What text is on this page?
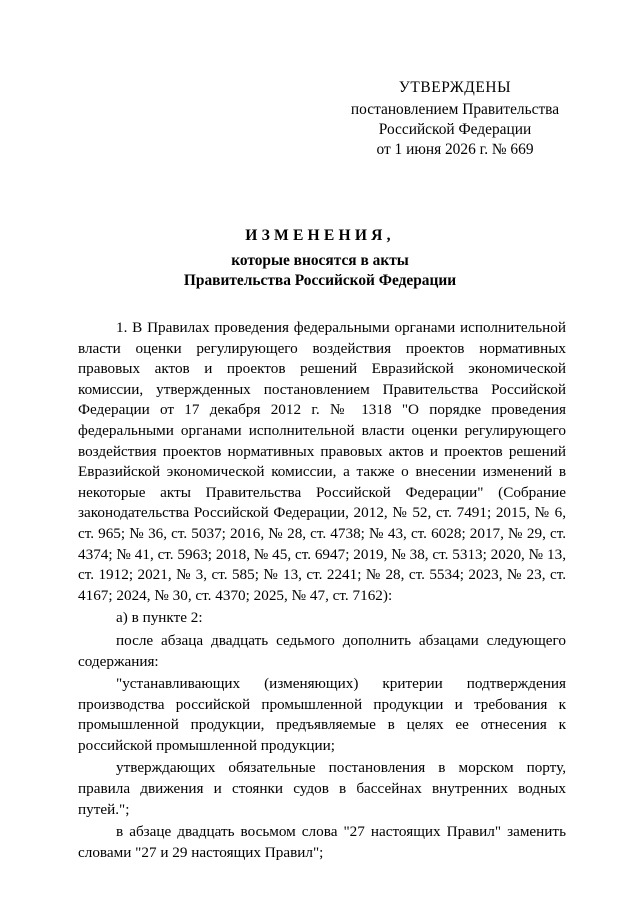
УТВЕРЖДЕНЫ
постановлением Правительства
Российской Федерации
от 1 июня 2026 г. № 669
ИЗМЕНЕНИЯ,
которые вносятся в акты
Правительства Российской Федерации

1. В Правилах проведения федеральными органами исполнительной власти оценки регулирующего воздействия проектов нормативных правовых актов и проектов решений Евразийской экономической комиссии, утвержденных постановлением Правительства Российской Федерации от 17 декабря 2012 г. № 1318 "О порядке проведения федеральными органами исполнительной власти оценки регулирующего воздействия проектов нормативных правовых актов и проектов решений Евразийской экономической комиссии, а также о внесении изменений в некоторые акты Правительства Российской Федерации" (Собрание законодательства Российской Федерации, 2012, № 52, ст. 7491; 2015, № 6, ст. 965; № 36, ст. 5037; 2016, № 28, ст. 4738; № 43, ст. 6028; 2017, № 29, ст. 4374; № 41, ст. 5963; 2018, № 45, ст. 6947; 2019, № 38, ст. 5313; 2020, № 13, ст. 1912; 2021, № 3, ст. 585; № 13, ст. 2241; № 28, ст. 5534; 2023, № 23, ст. 4167; 2024, № 30, ст. 4370; 2025, № 47, ст. 7162):

а) в пункте 2:

после абзаца двадцать седьмого дополнить абзацами следующего содержания:

"устанавливающих (изменяющих) критерии подтверждения производства российской промышленной продукции и требования к промышленной продукции, предъявляемые в целях ее отнесения к российской промышленной продукции;

утверждающих обязательные постановления в морском порту, правила движения и стоянки судов в бассейнах внутренних водных путей.";

в абзаце двадцать восьмом слова "27 настоящих Правил" заменить словами "27 и 29 настоящих Правил";
